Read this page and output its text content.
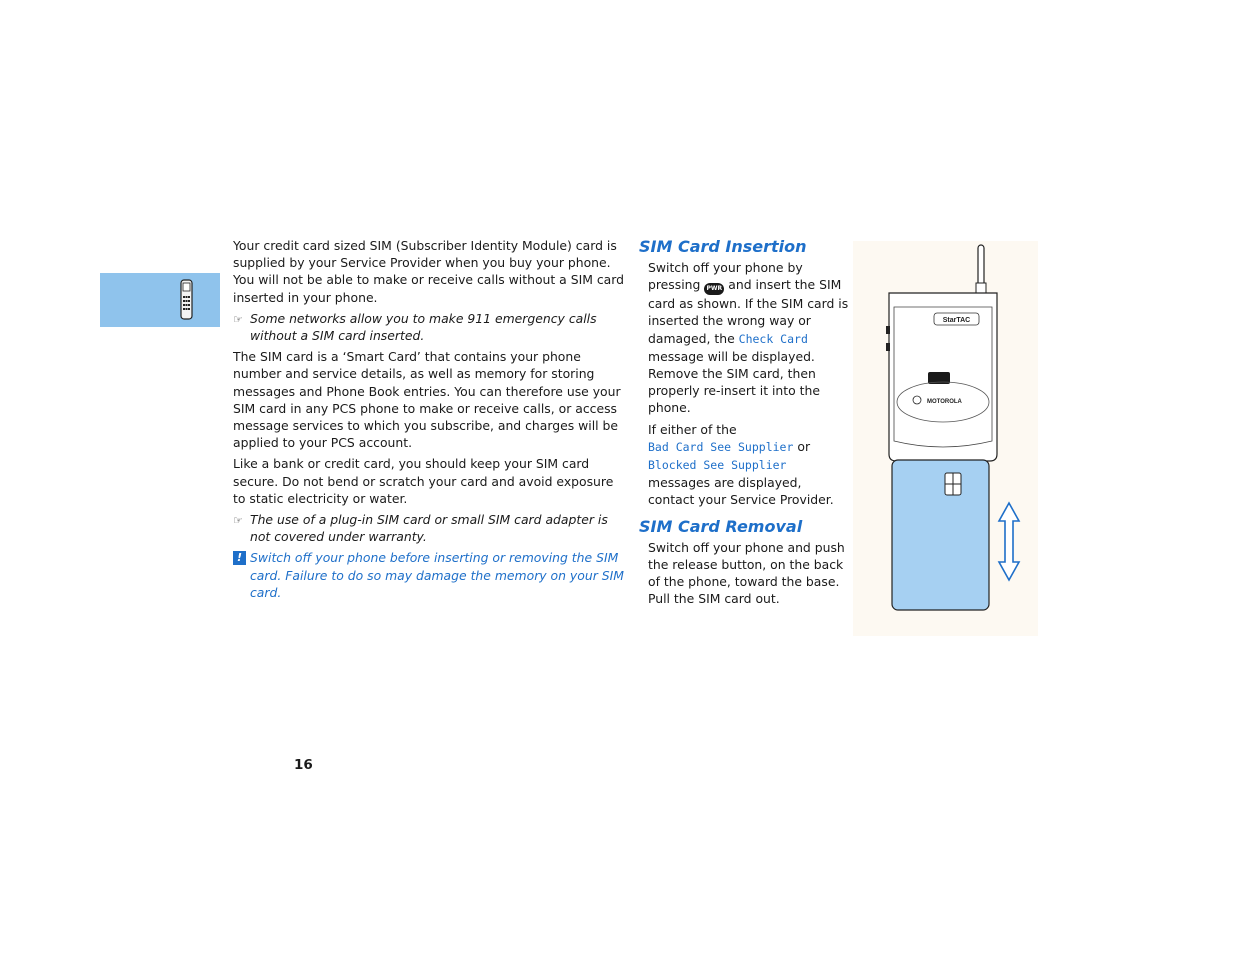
Your credit card sized SIM (Subscriber Identity Module) card is supplied by your Service Provider when you buy your phone. You will not be able to make or receive calls without a SIM card inserted in your phone.

☞ Some networks allow you to make 911 emergency calls without a SIM card inserted.

The SIM card is a ‘Smart Card’ that contains your phone number and service details, as well as memory for storing messages and Phone Book entries. You can therefore use your SIM card in any PCS phone to make or receive calls, or access message services to which you subscribe, and charges will be applied to your PCS account.

Like a bank or credit card, you should keep your SIM card secure. Do not bend or scratch your card and avoid exposure to static electricity or water.

☞ The use of a plug-in SIM card or small SIM card adapter is not covered under warranty.

! Switch off your phone before inserting or removing the SIM card. Failure to do so may damage the memory on your SIM card.

SIM Card Insertion

Switch off your phone by pressing PWR and insert the SIM card as shown. If the SIM card is inserted the wrong way or damaged, the Check Card message will be displayed. Remove the SIM card, then properly re-insert it into the phone.

If either of the
Bad Card See Supplier or
Blocked See Supplier
messages are displayed, contact your Service Provider.

SIM Card Removal

Switch off your phone and push the release button, on the back of the phone, toward the base. Pull the SIM card out.

StarTAC
MOTOROLA
16
